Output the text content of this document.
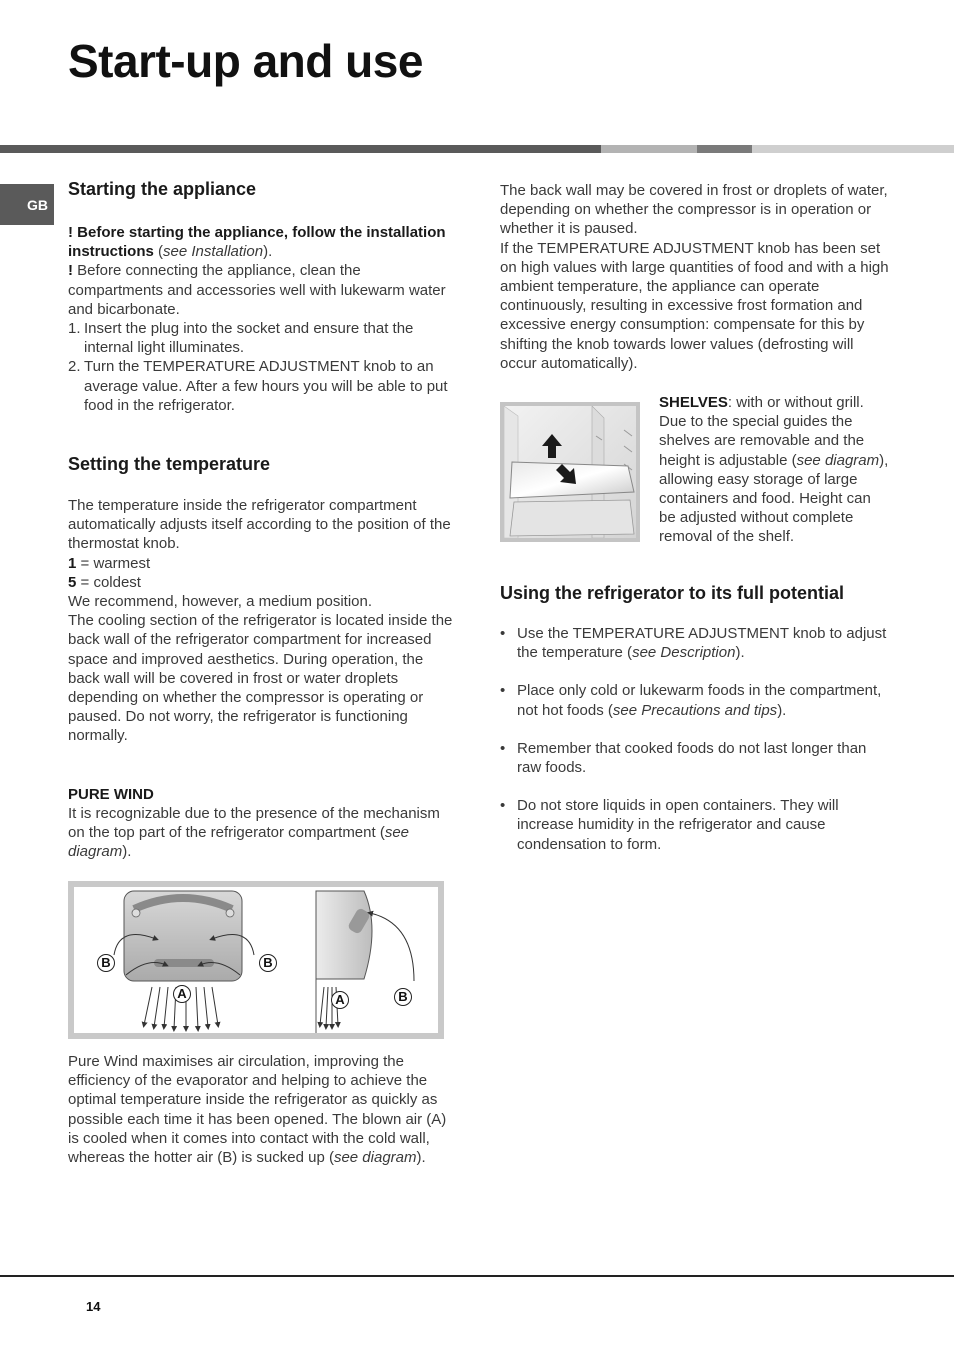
Start-up and use
GB
Starting the appliance

! Before starting the appliance, follow the installation instructions (see Installation).

! Before connecting the appliance, clean the compartments and accessories well with lukewarm water and bicarbonate.

1. Insert the plug into the socket and ensure that the internal light illuminates.
2. Turn the TEMPERATURE ADJUSTMENT knob to an average value. After a few hours you will be able to put food in the refrigerator.
Setting the temperature

The temperature inside the refrigerator compartment automatically adjusts itself according to the position of the thermostat knob.

1 = warmest

5 = coldest

We recommend, however, a medium position.

The cooling section of the refrigerator is located inside the back wall of the refrigerator compartment for increased space and improved aesthetics. During operation, the back wall will be covered in frost or water droplets depending on whether the compressor is operating or paused. Do not worry, the refrigerator is functioning normally.

PURE WIND

It is recognizable due to the presence of the mechanism on the top part of the refrigerator compartment (see diagram).

B	B
A	A	B

Pure Wind maximises air circulation, improving the efficiency of the evaporator and helping to achieve the optimal temperature inside the refrigerator as quickly as possible each time it has been opened. The blown air (A) is cooled when it comes into contact with the cold wall, whereas the hotter air (B) is sucked up (see diagram).

The back wall may be covered in frost or droplets of water, depending on whether the compressor is in operation or whether it is paused.

If the TEMPERATURE ADJUSTMENT knob has been set on high values with large quantities of food and with a high ambient temperature, the appliance can operate continuously, resulting in excessive frost formation and excessive energy consumption: compensate for this by shifting the knob towards lower values (defrosting will occur automatically).

SHELVES: with or without grill. Due to the special guides the shelves are removable and the height is adjustable (see diagram), allowing easy storage of large containers and food. Height can be adjusted without complete removal of the shelf.

Using the refrigerator to its full potential
• Use the TEMPERATURE ADJUSTMENT knob to adjust the temperature (see Description).
• Place only cold or lukewarm foods in the compartment, not hot foods (see Precautions and tips).
• Remember that cooked foods do not last longer than raw foods.
• Do not store liquids in open containers. They will increase humidity in the refrigerator and cause condensation to form.
14
